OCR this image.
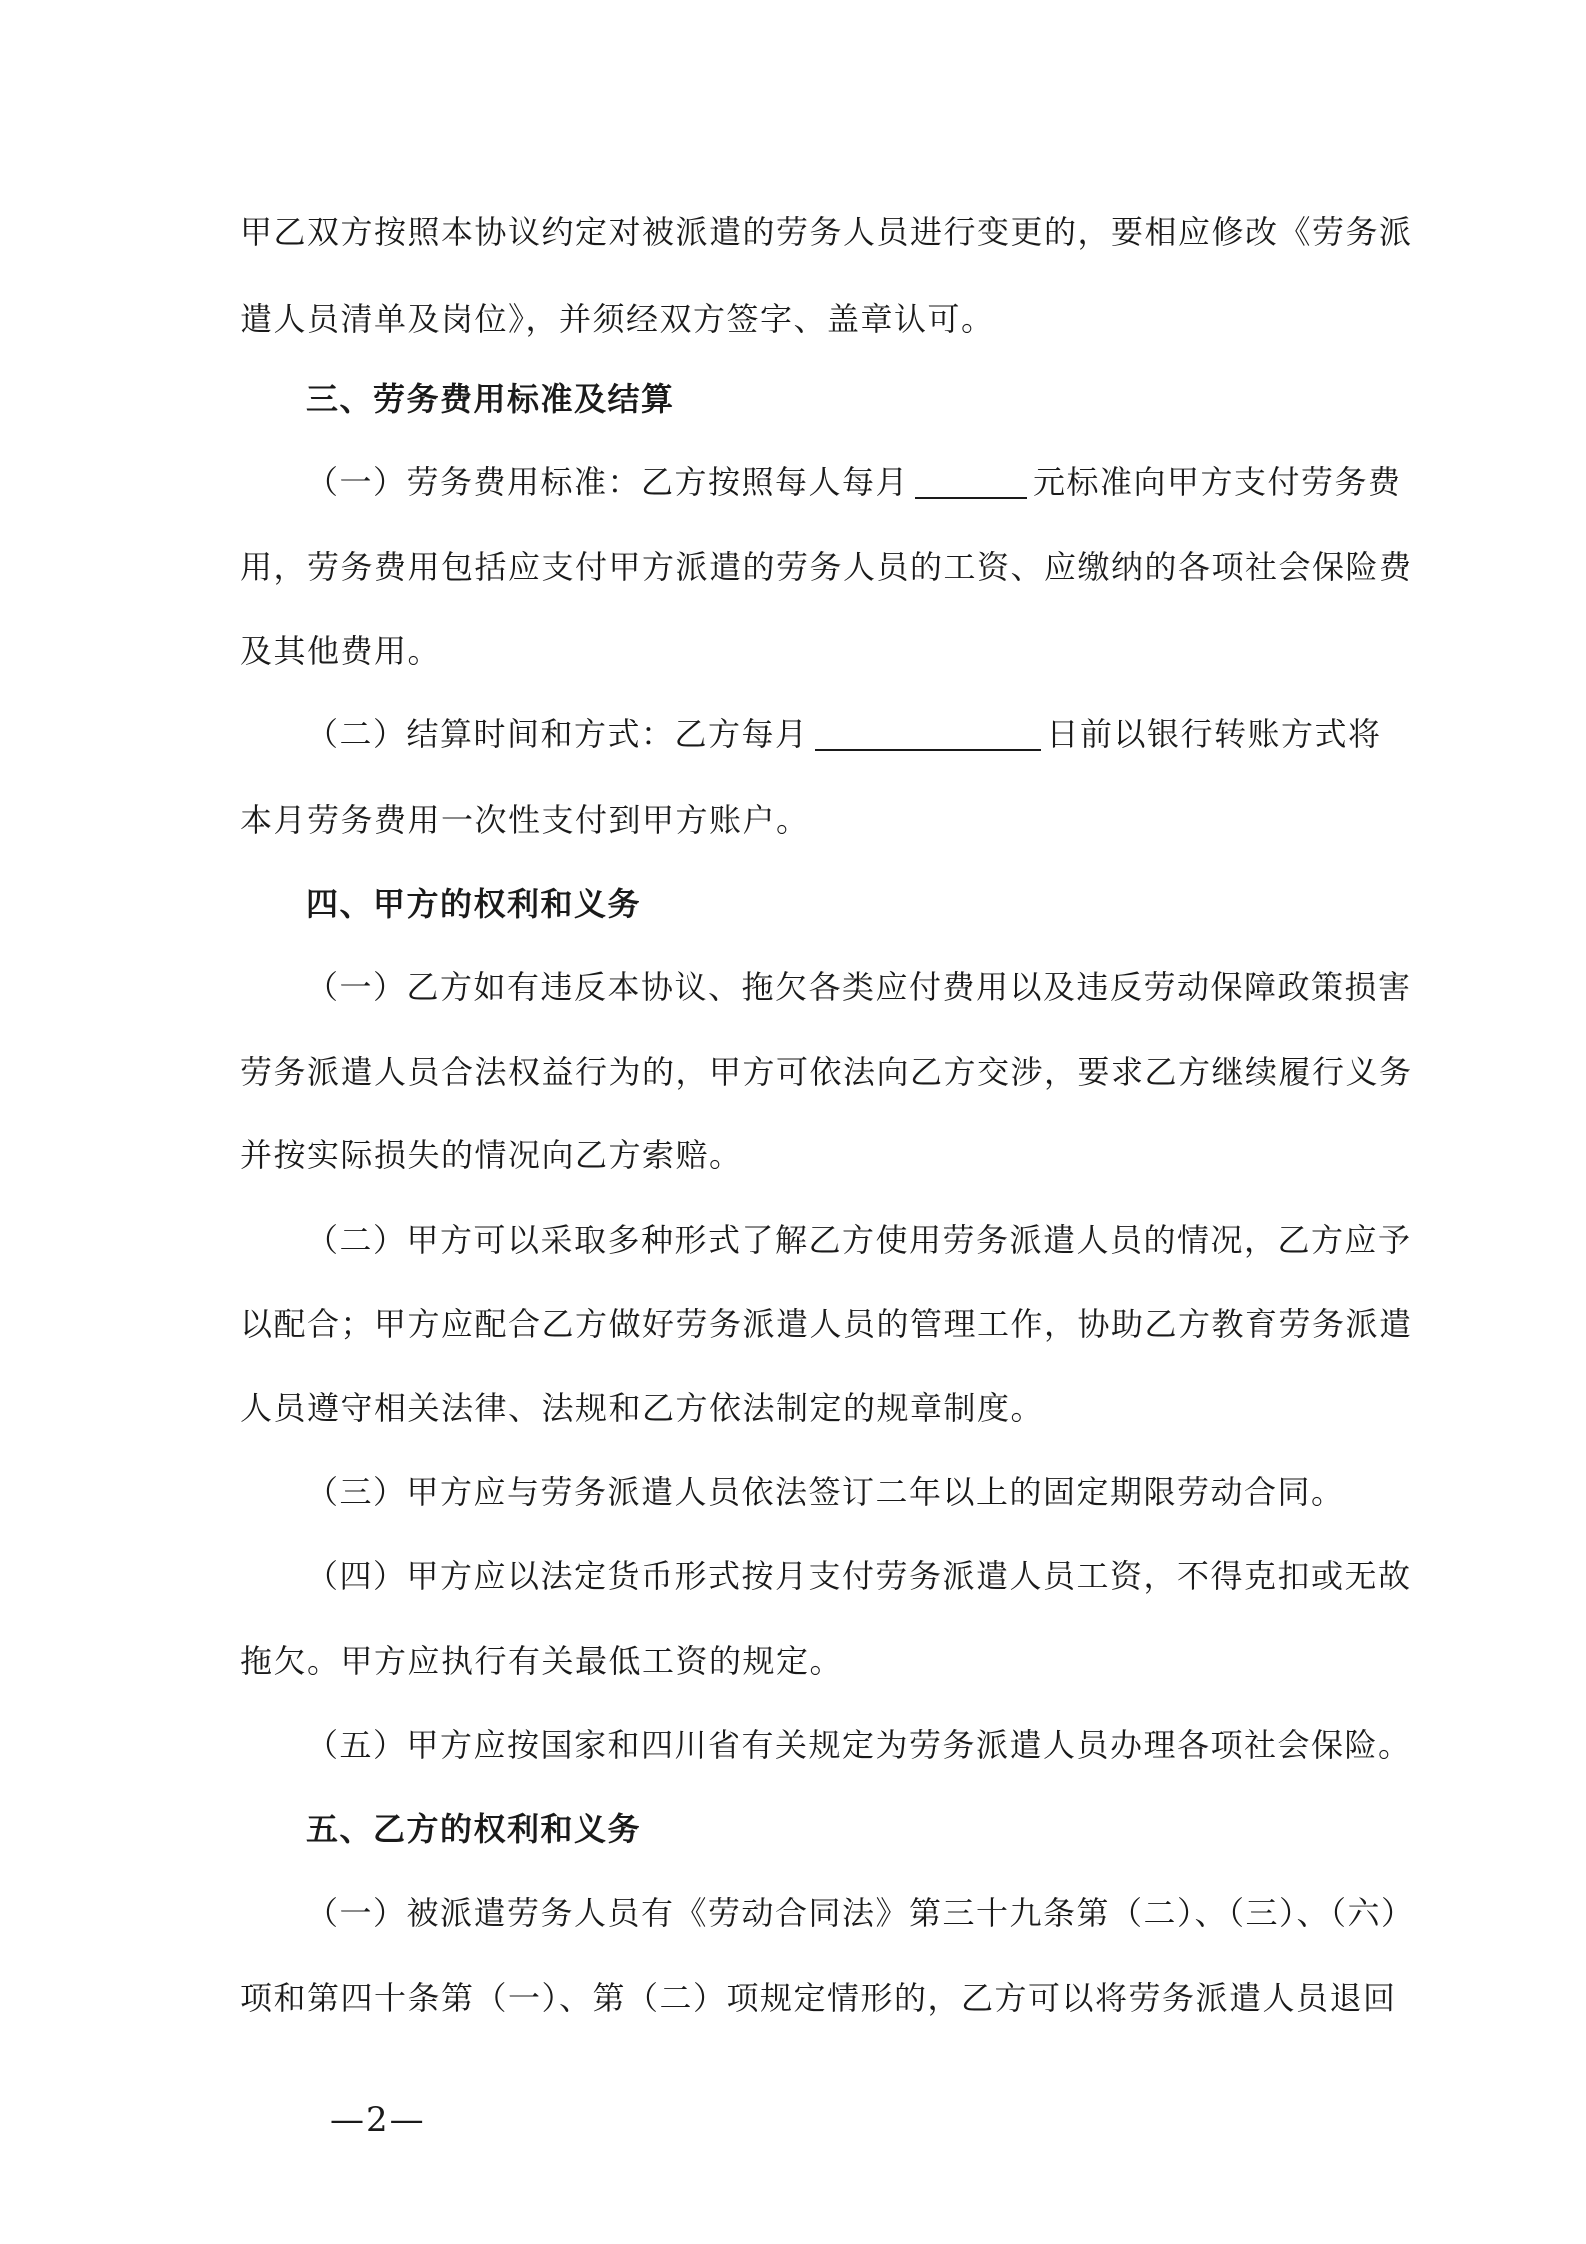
甲乙双方按照本协议约定对被派遣的劳务人员进行变更的，要相应修改《劳务派
遣人员清单及岗位》，并须经双方签字、盖章认可。
三、劳务费用标准及结算
（一）劳务费用标准：乙方按照每人每月	元标准向甲方支付劳务费
用，劳务费用包括应支付甲方派遣的劳务人员的工资、应缴纳的各项社会保险费
及其他费用。
（二）结算时间和方式：乙方每月	日前以银行转账方式将
本月劳务费用一次性支付到甲方账户。
四、甲方的权利和义务
（一）乙方如有违反本协议、拖欠各类应付费用以及违反劳动保障政策损害
劳务派遣人员合法权益行为的，甲方可依法向乙方交涉，要求乙方继续履行义务
并按实际损失的情况向乙方索赔。
（二）甲方可以采取多种形式了解乙方使用劳务派遣人员的情况，乙方应予
以配合；甲方应配合乙方做好劳务派遣人员的管理工作，协助乙方教育劳务派遣
人员遵守相关法律、法规和乙方依法制定的规章制度。
（三）甲方应与劳务派遣人员依法签订二年以上的固定期限劳动合同。
（四）甲方应以法定货币形式按月支付劳务派遣人员工资，不得克扣或无故
拖欠。甲方应执行有关最低工资的规定。
（五）甲方应按国家和四川省有关规定为劳务派遣人员办理各项社会保险。
五、乙方的权利和义务
（一）被派遣劳务人员有《劳动合同法》第三十九条第（二）、（三）、（六）
项和第四十条第（一）、第（二）项规定情形的，乙方可以将劳务派遣人员退回
—2—
